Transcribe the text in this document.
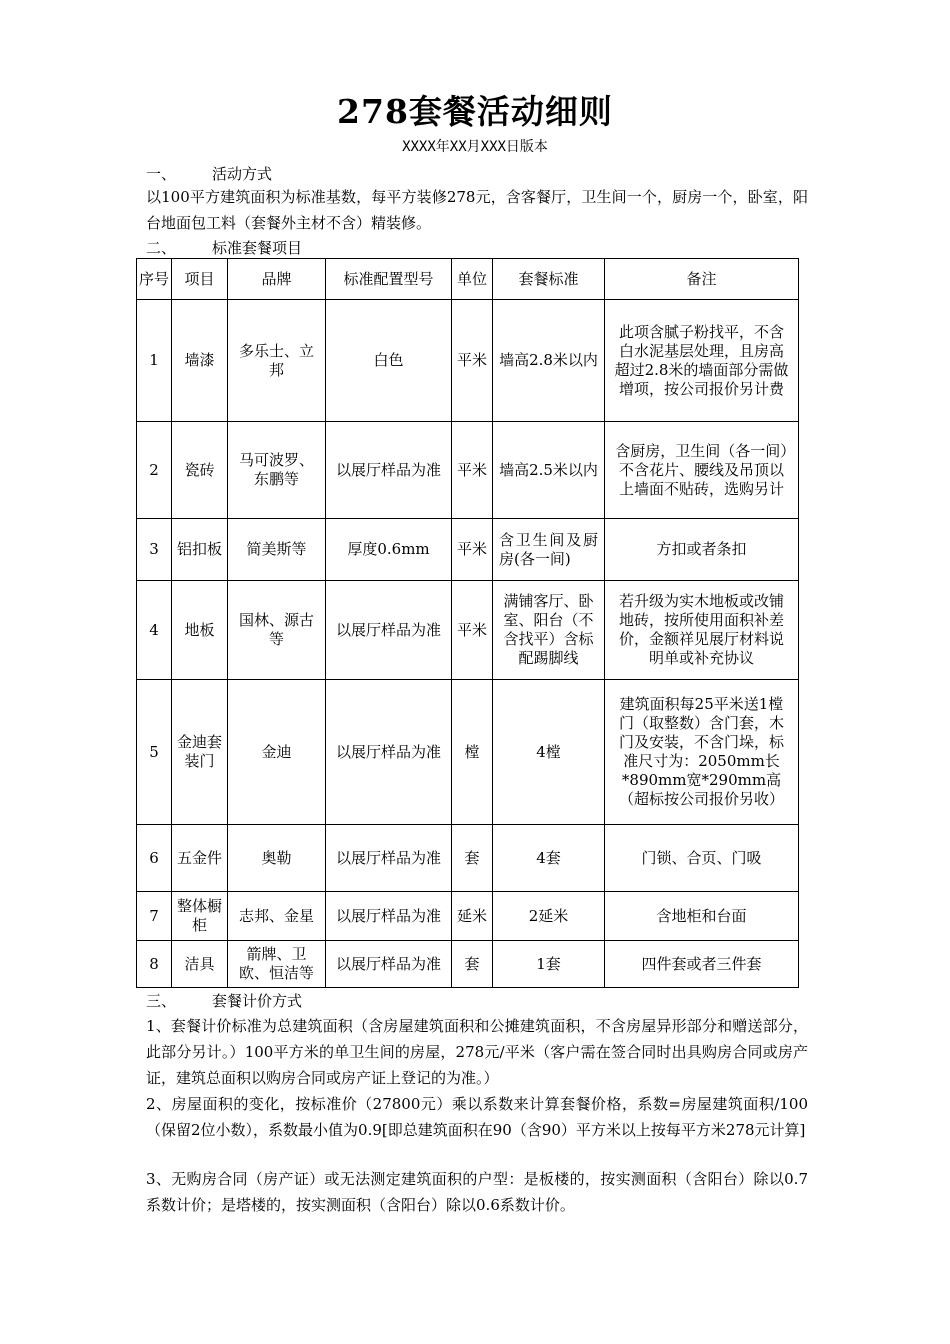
278套餐活动细则
XXXX年XX月XXX日版本
一、 活动方式
以100平方建筑面积为标准基数，每平方装修278元，含客餐厅，卫生间一个，厨房一个，卧室，阳台地面包工料（套餐外主材不含）精装修。
二、 标准套餐项目
序号	项目	品牌	标准配置型号	单位	套餐标准	备注
1	墙漆	多乐士、立邦	白色	平米	墙高2.8米以内	此项含腻子粉找平，不含白水泥基层处理，且房高超过2.8米的墙面部分需做增项，按公司报价另计费
2	瓷砖	马可波罗、东鹏等	以展厅样品为准	平米	墙高2.5米以内	含厨房，卫生间（各一间）不含花片、腰线及吊顶以上墙面不贴砖，选购另计
3	铝扣板	简美斯等	厚度0.6mm	平米	含卫生间及厨房(各一间)	方扣或者条扣
4	地板	国林、源古等	以展厅样品为准	平米	满铺客厅、卧室、阳台（不含找平）含标配踢脚线	若升级为实木地板或改铺地砖，按所使用面积补差价，金额祥见展厅材料说明单或补充协议
5	金迪套装门	金迪	以展厅样品为准	樘	4樘	建筑面积每25平米送1樘门（取整数）含门套，木门及安装，不含门垛，标准尺寸为：2050mm长*890mm宽*290mm高（超标按公司报价另收）
6	五金件	奥勒	以展厅样品为准	套	4套	门锁、合页、门吸
7	整体橱柜	志邦、金星	以展厅样品为准	延米	2延米	含地柜和台面
8	洁具	箭牌、卫欧、恒洁等	以展厅样品为准	套	1套	四件套或者三件套
三、 套餐计价方式
1、套餐计价标准为总建筑面积（含房屋建筑面积和公摊建筑面积，不含房屋异形部分和赠送部分，此部分另计。）100平方米的单卫生间的房屋，278元/平米（客户需在签合同时出具购房合同或房产证，建筑总面积以购房合同或房产证上登记的为准。）
2、房屋面积的变化，按标准价（27800元）乘以系数来计算套餐价格，系数=房屋建筑面积/100（保留2位小数），系数最小值为0.9[即总建筑面积在90（含90）平方米以上按每平方米278元计算]
3、无购房合同（房产证）或无法测定建筑面积的户型：是板楼的，按实测面积（含阳台）除以0.7系数计价；是塔楼的，按实测面积（含阳台）除以0.6系数计价。
